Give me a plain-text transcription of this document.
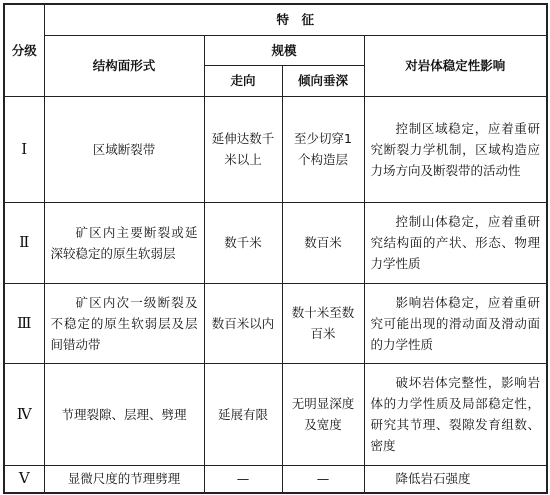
分级	特　征			
	结构面形式	规模		对岩体稳定性影响
		走向	倾向垂深	
Ⅰ	区域断裂带	延伸达数千米以上	至少切穿1个构造层	控制区域稳定，应着重研究断裂力学机制，区域构造应力场方向及断裂带的活动性
Ⅱ	矿区内主要断裂或延深较稳定的原生软弱层	数千米	数百米	控制山体稳定，应着重研究结构面的产状、形态、物理力学性质
Ⅲ	矿区内次一级断裂及不稳定的原生软弱层及层间错动带	数百米以内	数十米至数百米	影响岩体稳定，应着重研究可能出现的滑动面及滑动面的力学性质
Ⅳ	节理裂隙、层理、劈理	延展有限	无明显深度及宽度	破坏岩体完整性，影响岩体的力学性质及局部稳定性，研究其节理、裂隙发育组数、密度
Ⅴ	显微尺度的节理劈理	—	—	降低岩石强度
